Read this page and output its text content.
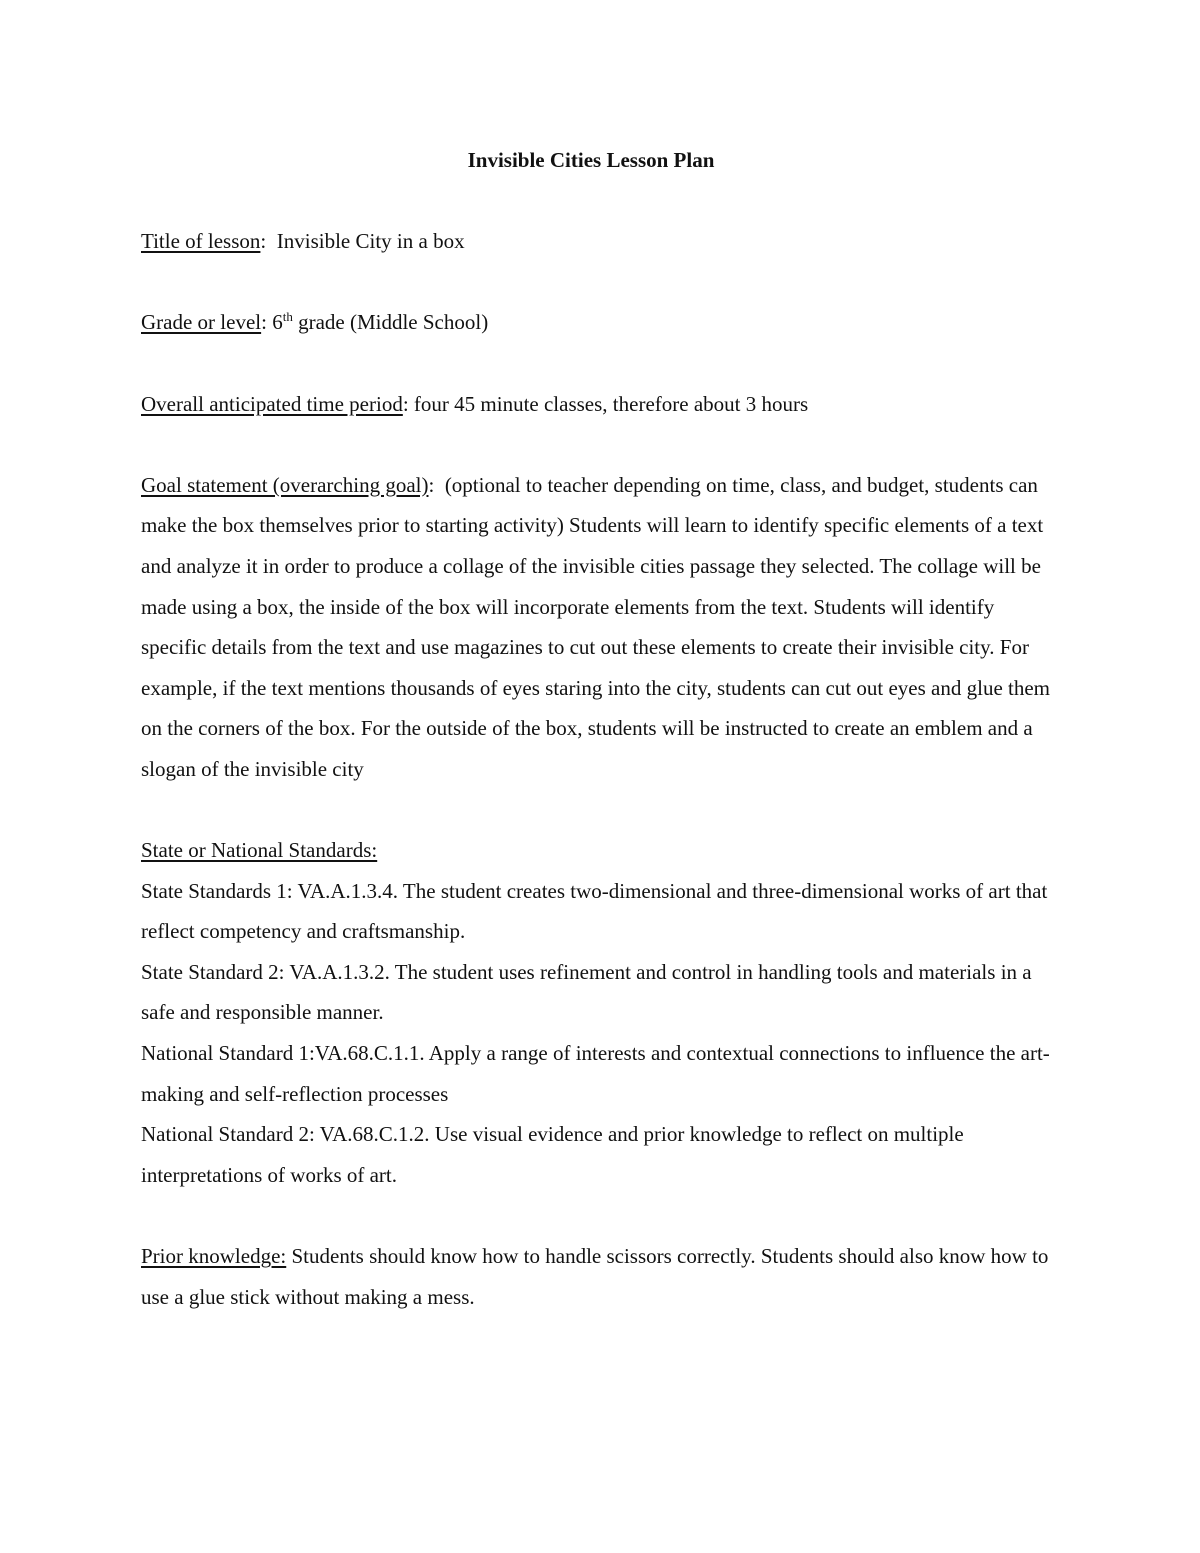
Invisible Cities Lesson Plan

Title of lesson:  Invisible City in a box

Grade or level: 6th grade (Middle School)

Overall anticipated time period: four 45 minute classes, therefore about 3 hours

Goal statement (overarching goal):  (optional to teacher depending on time, class, and budget, students can make the box themselves prior to starting activity) Students will learn to identify specific elements of a text and analyze it in order to produce a collage of the invisible cities passage they selected. The collage will be made using a box, the inside of the box will incorporate elements from the text. Students will identify specific details from the text and use magazines to cut out these elements to create their invisible city. For example, if the text mentions thousands of eyes staring into the city, students can cut out eyes and glue them on the corners of the box. For the outside of the box, students will be instructed to create an emblem and a slogan of the invisible city

State or National Standards:

State Standards 1: VA.A.1.3.4. The student creates two-dimensional and three-dimensional works of art that reflect competency and craftsmanship.

State Standard 2: VA.A.1.3.2. The student uses refinement and control in handling tools and materials in a safe and responsible manner.

National Standard 1:VA.68.C.1.1. Apply a range of interests and contextual connections to influence the art-making and self-reflection processes

National Standard 2: VA.68.C.1.2. Use visual evidence and prior knowledge to reflect on multiple interpretations of works of art.

Prior knowledge: Students should know how to handle scissors correctly. Students should also know how to use a glue stick without making a mess.
